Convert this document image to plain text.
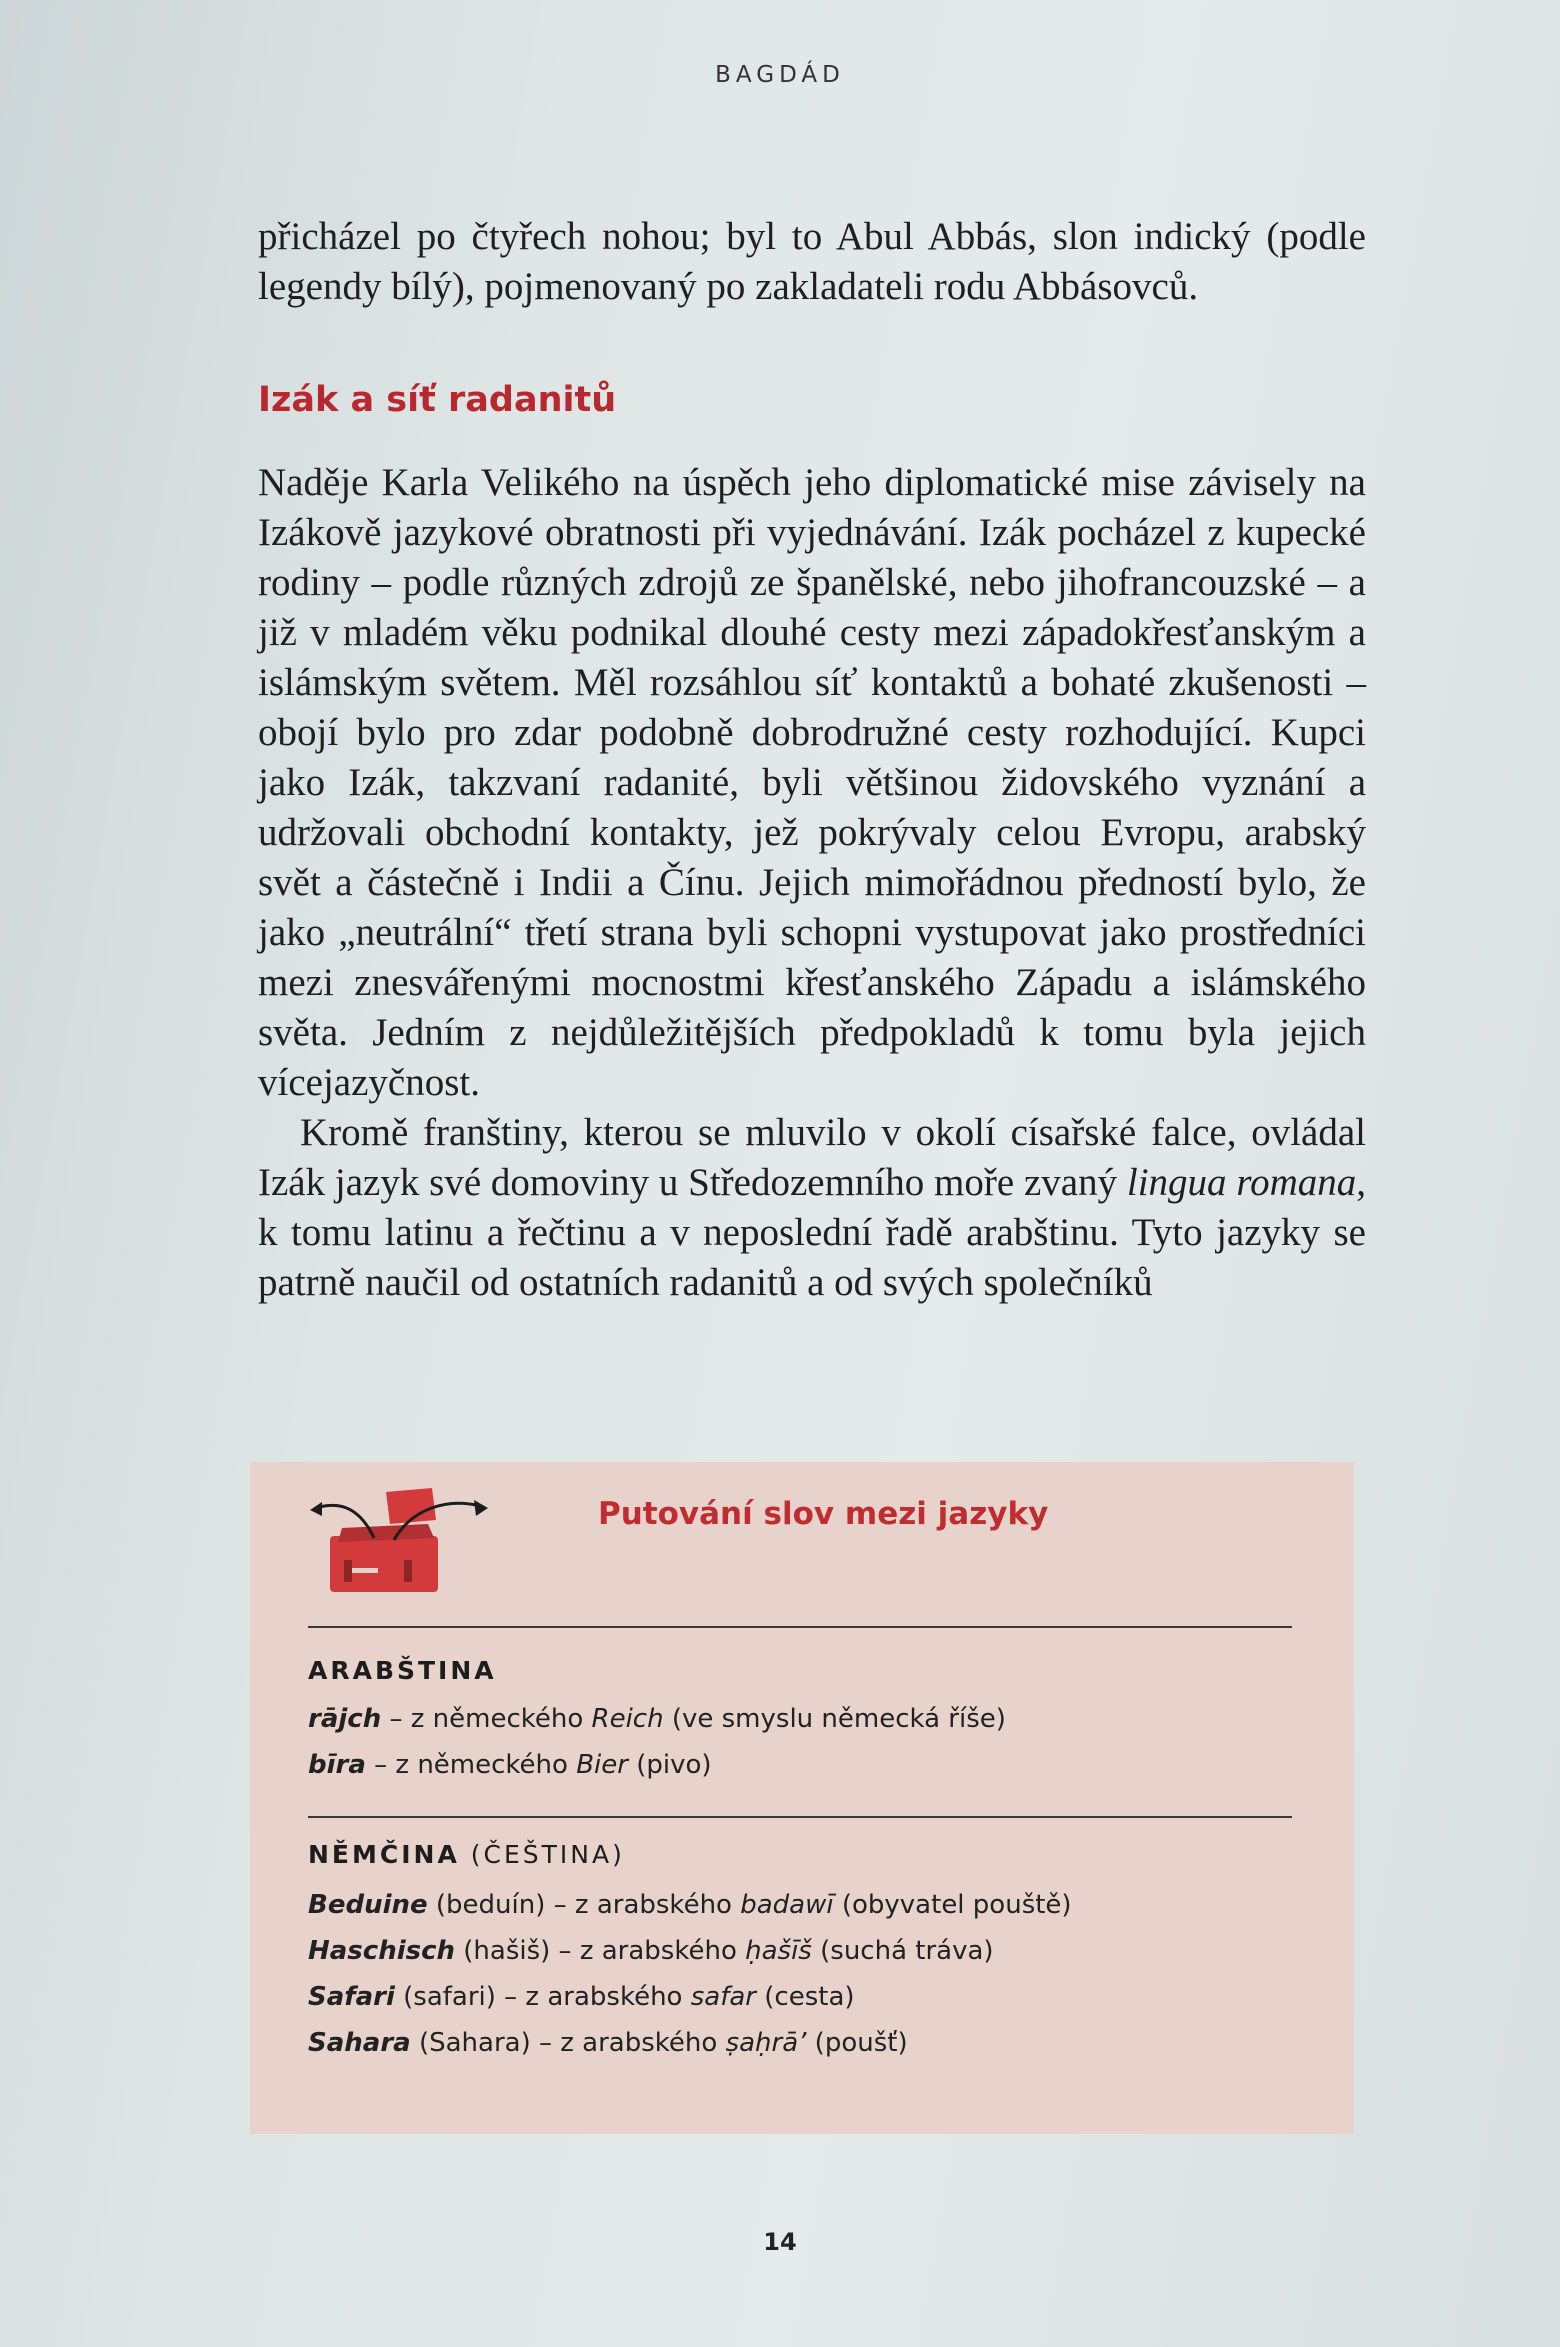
BAGDÁD

přicházel po čtyřech nohou; byl to Abul Abbás, slon indický (podle legendy bílý), pojmenovaný po zakladateli rodu Abbásovců.

Izák a síť radanitů

Naděje Karla Velikého na úspěch jeho diplomatické mise závisely na Izákově jazykové obratnosti při vyjednávání. Izák pocházel z kupecké rodiny – podle různých zdrojů ze španělské, nebo jihofrancouzské – a již v mladém věku podnikal dlouhé cesty mezi západokřesťanským a islámským světem. Měl rozsáhlou síť kontaktů a bohaté zkušenosti – obojí bylo pro zdar podobně dobrodružné cesty rozhodující. Kupci jako Izák, takzvaní radanité, byli většinou židovského vyznání a udržovali obchodní kontakty, jež pokrývaly celou Evropu, arabský svět a částečně i Indii a Čínu. Jejich mimořádnou předností bylo, že jako „neutrální“ třetí strana byli schopni vystupovat jako prostředníci mezi znesvářenými mocnostmi křesťanského Západu a islámského světa. Jedním z nejdůležitějších předpokladů k tomu byla jejich vícejazyčnost.

Kromě franštiny, kterou se mluvilo v okolí císařské falce, ovládal Izák jazyk své domoviny u Středozemního moře zvaný lingua romana, k tomu latinu a řečtinu a v neposlední řadě arabštinu. Tyto jazyky se patrně naučil od ostatních radanitů a od svých společníků

Putování slov mezi jazyky
ARABŠTINA
rājch – z německého Reich (ve smyslu německá říše)
bīra – z německého Bier (pivo)
NĚMČINA (ČEŠTINA)
Beduine (beduín) – z arabského badawī (obyvatel pouště)
Haschisch (hašiš) – z arabského ḥašīš (suchá tráva)
Safari (safari) – z arabského safar (cesta)
Sahara (Sahara) – z arabského ṣaḥrā’ (poušť)
14
